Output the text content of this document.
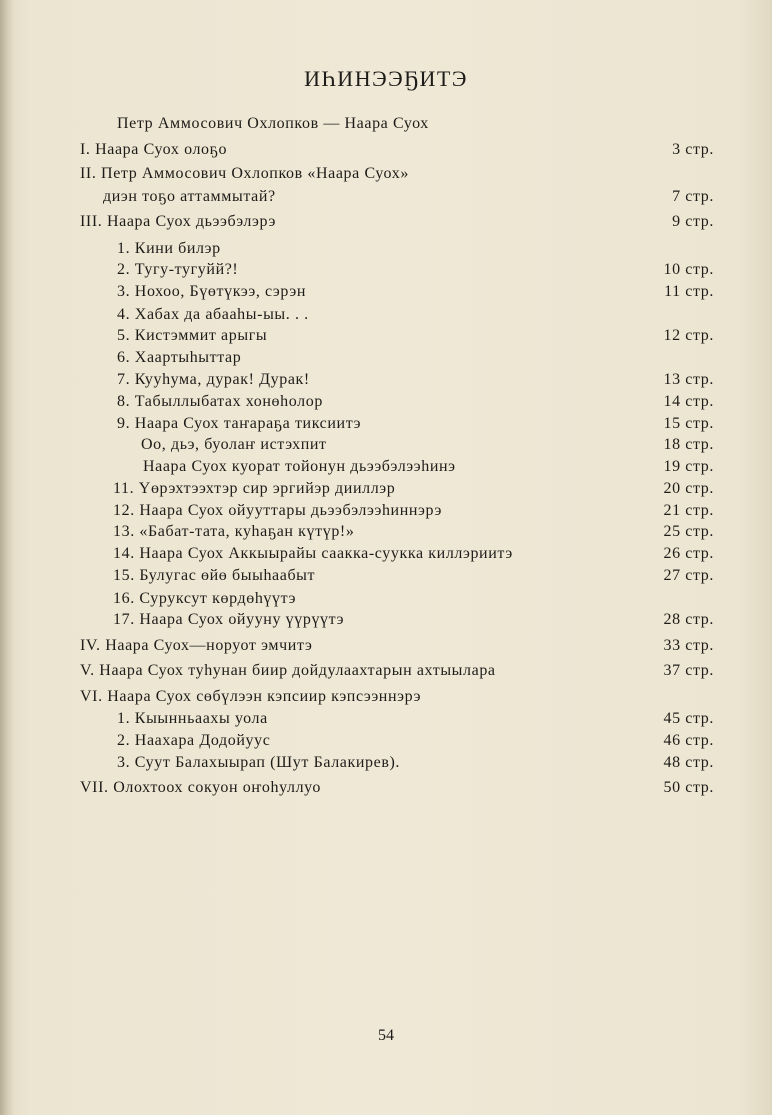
ИҺИНЭЭҔИТЭ
Петр Аммосович Охлопков — Наара Суох
I. Наара Суох олоҕо	3 стр.
II. Петр Аммосович Охлопков «Наара Суох»
диэн тоҕо аттаммытай?	7 стр.
III. Наара Суох дьээбэлэрэ	9 стр.
1. Кини билэр
2. Тугу-тугуйй?!	10 стр.
3. Нохоо, Бүөтүкээ, сэрэн	11 стр.
4. Хабах да абааһы-ыы. . .
5. Кистэммит арыгы	12 стр.
6. Хаартыһыттар
7. Кууһума, дурак! Дурак!	13 стр.
8. Табыллыбатах хонөһолор	14 стр.
9. Наара Суох таҥараҕа тиксиитэ	15 стр.
Оо, дьэ, буолаҥ истэхпит	18 стр.
Наара Суох куорат тойонун дьээбэлээһинэ	19 стр.
11. Үөрэхтээхтэр сир эргийэр дииллэр	20 стр.
12. Наара Суох ойууттары дьээбэлээһиннэрэ	21 стр.
13. «Бабат-тата, куһаҕан күтүр!»	25 стр.
14. Наара Суох Аккыырайы саакка-суукка киллэриитэ	26 стр.
15. Булугас өйө быыһаабыт	27 стр.
16. Суруксут көрдөһүүтэ
17. Наара Суох ойууну үүрүүтэ	28 стр.
IV. Наара Суох—норуот эмчитэ	33 стр.
V. Наара Суох туһунан биир дойдулаахтарын ахтыылара	37 стр.
VI. Наара Суох сөбүлээн кэпсиир кэпсээннэрэ
1. Кыынньаахы уола	45 стр.
2. Наахара Додойуус	46 стр.
3. Суут Балахыырап (Шут Балакирев).	48 стр.
VII. Олохтоох сокуон оҥоһуллуо	50 стр.
54
